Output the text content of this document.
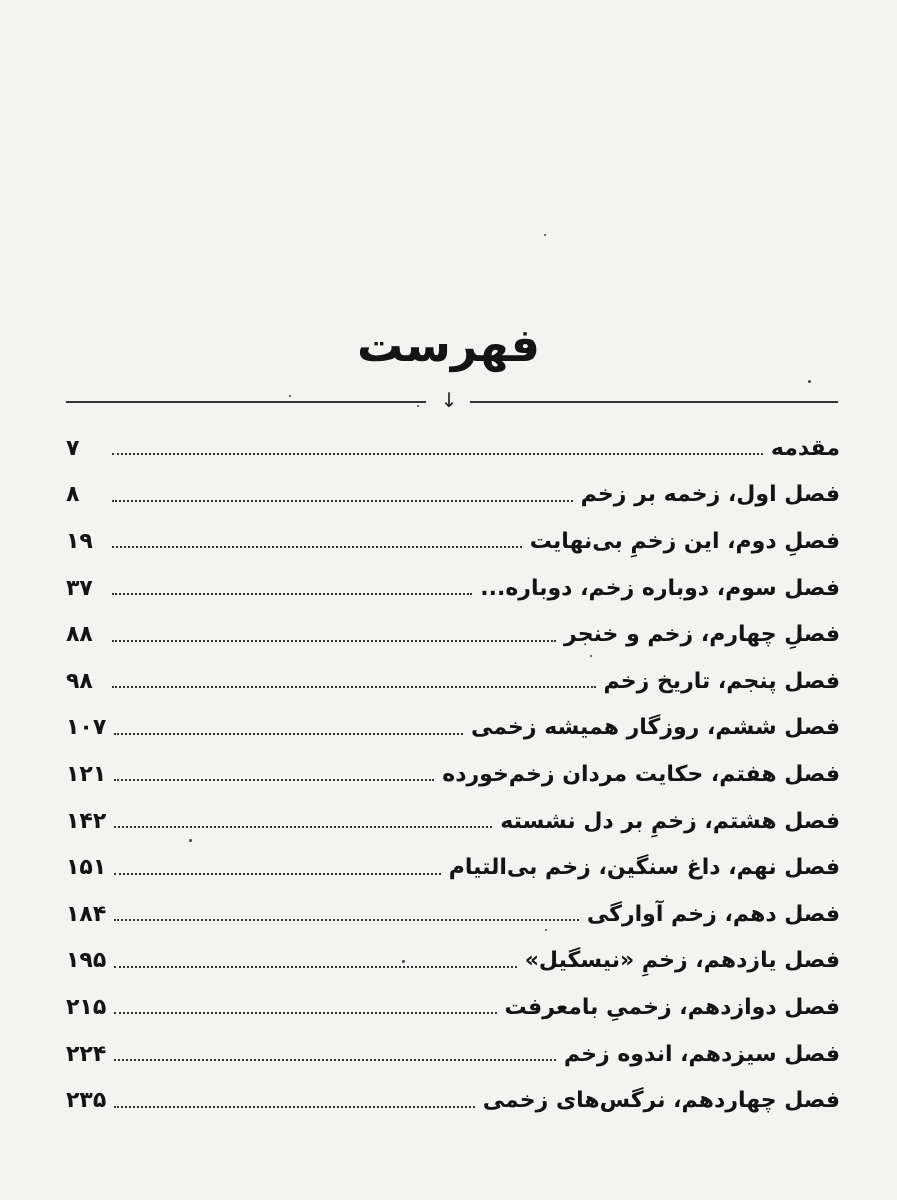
فهرست
↓
مقدمه
۷
فصل اول، زخمه بر زخم
۸
فصلِ دوم، این زخمِ بی‌نهایت
۱۹
فصل سوم، دوباره زخم، دوباره...
۳۷
فصلِ چهارم، زخم و خنجر
۸۸
فصل پنجم، تاریخ زخم
۹۸
فصل ششم، روزگار همیشه زخمی
۱۰۷
فصل هفتم، حکایت مردان زخم‌خورده
۱۲۱
فصل هشتم، زخمِ بر دل نشسته
۱۴۲
فصل نهم، داغ سنگین، زخم بی‌التیام
۱۵۱
فصل دهم، زخم آوارگی
۱۸۴
فصل یازدهم، زخمِ «نیسگیل»
۱۹۵
فصل دوازدهم، زخمیِ بامعرفت
۲۱۵
فصل سیزدهم، اندوه زخم
۲۲۴
فصل چهاردهم، نرگس‌های زخمی
۲۳۵
